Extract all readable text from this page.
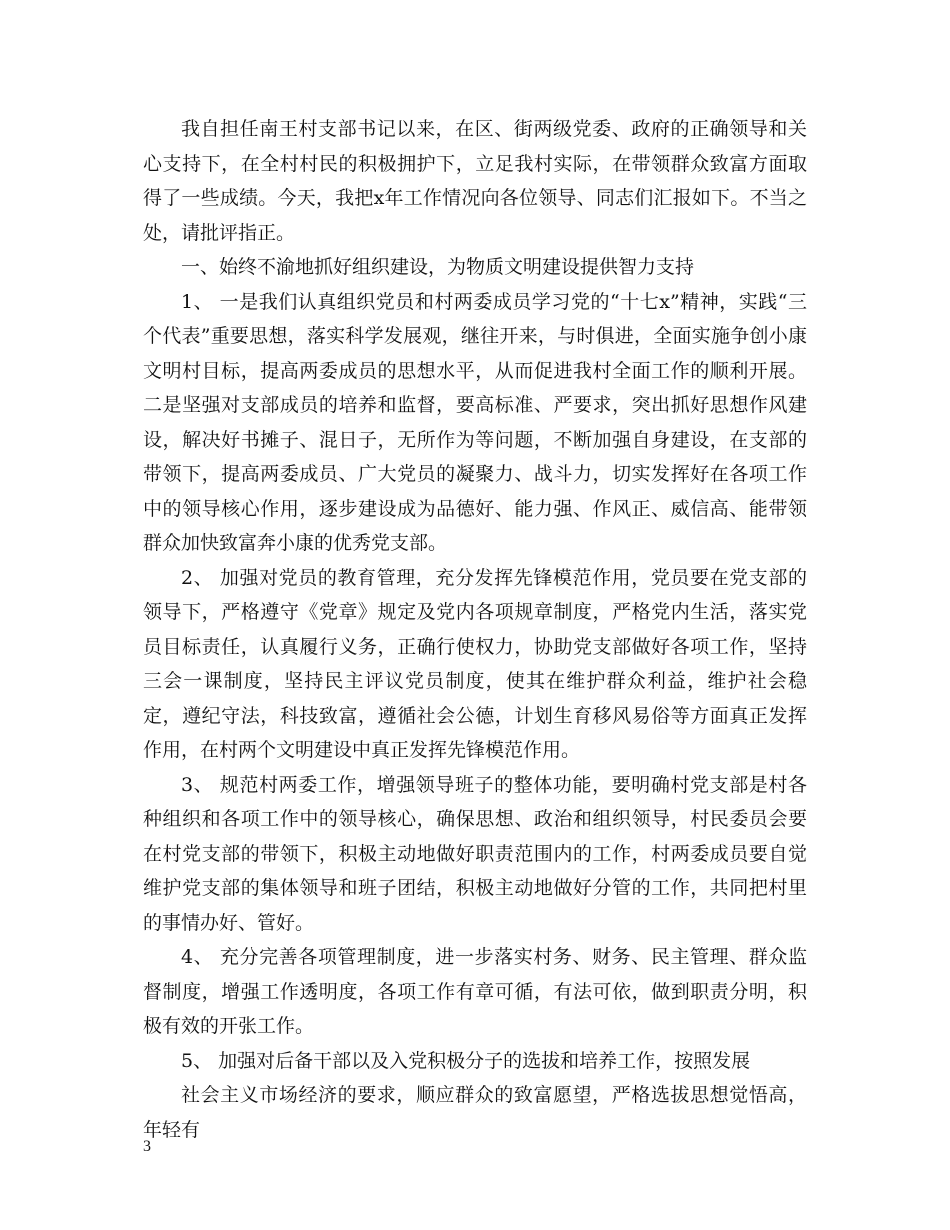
我自担任南王村支部书记以来，在区、街两级党委、政府的正确领导和关心支持下，在全村村民的积极拥护下，立足我村实际，在带领群众致富方面取得了一些成绩。今天，我把x年工作情况向各位领导、同志们汇报如下。不当之处，请批评指正。

一、始终不渝地抓好组织建设，为物质文明建设提供智力支持

1、 一是我们认真组织党员和村两委成员学习党的“十七x”精神，实践“三个代表”重要思想，落实科学发展观，继往开来，与时俱进，全面实施争创小康文明村目标，提高两委成员的思想水平，从而促进我村全面工作的顺利开展。二是坚强对支部成员的培养和监督，要高标准、严要求，突出抓好思想作风建设，解决好书摊子、混日子，无所作为等问题，不断加强自身建设，在支部的带领下，提高两委成员、广大党员的凝聚力、战斗力，切实发挥好在各项工作中的领导核心作用，逐步建设成为品德好、能力强、作风正、威信高、能带领群众加快致富奔小康的优秀党支部。

2、 加强对党员的教育管理，充分发挥先锋模范作用，党员要在党支部的领导下，严格遵守《党章》规定及党内各项规章制度，严格党内生活，落实党员目标责任，认真履行义务，正确行使权力，协助党支部做好各项工作，坚持三会一课制度，坚持民主评议党员制度，使其在维护群众利益，维护社会稳定，遵纪守法，科技致富，遵循社会公德，计划生育移风易俗等方面真正发挥作用，在村两个文明建设中真正发挥先锋模范作用。

3、 规范村两委工作，增强领导班子的整体功能，要明确村党支部是村各种组织和各项工作中的领导核心，确保思想、政治和组织领导，村民委员会要在村党支部的带领下，积极主动地做好职责范围内的工作，村两委成员要自觉维护党支部的集体领导和班子团结，积极主动地做好分管的工作，共同把村里的事情办好、管好。

4、 充分完善各项管理制度，进一步落实村务、财务、民主管理、群众监督制度，增强工作透明度，各项工作有章可循，有法可依，做到职责分明，积极有效的开张工作。

5、 加强对后备干部以及入党积极分子的选拔和培养工作，按照发展

社会主义市场经济的要求，顺应群众的致富愿望，严格选拔思想觉悟高，年轻有

3
